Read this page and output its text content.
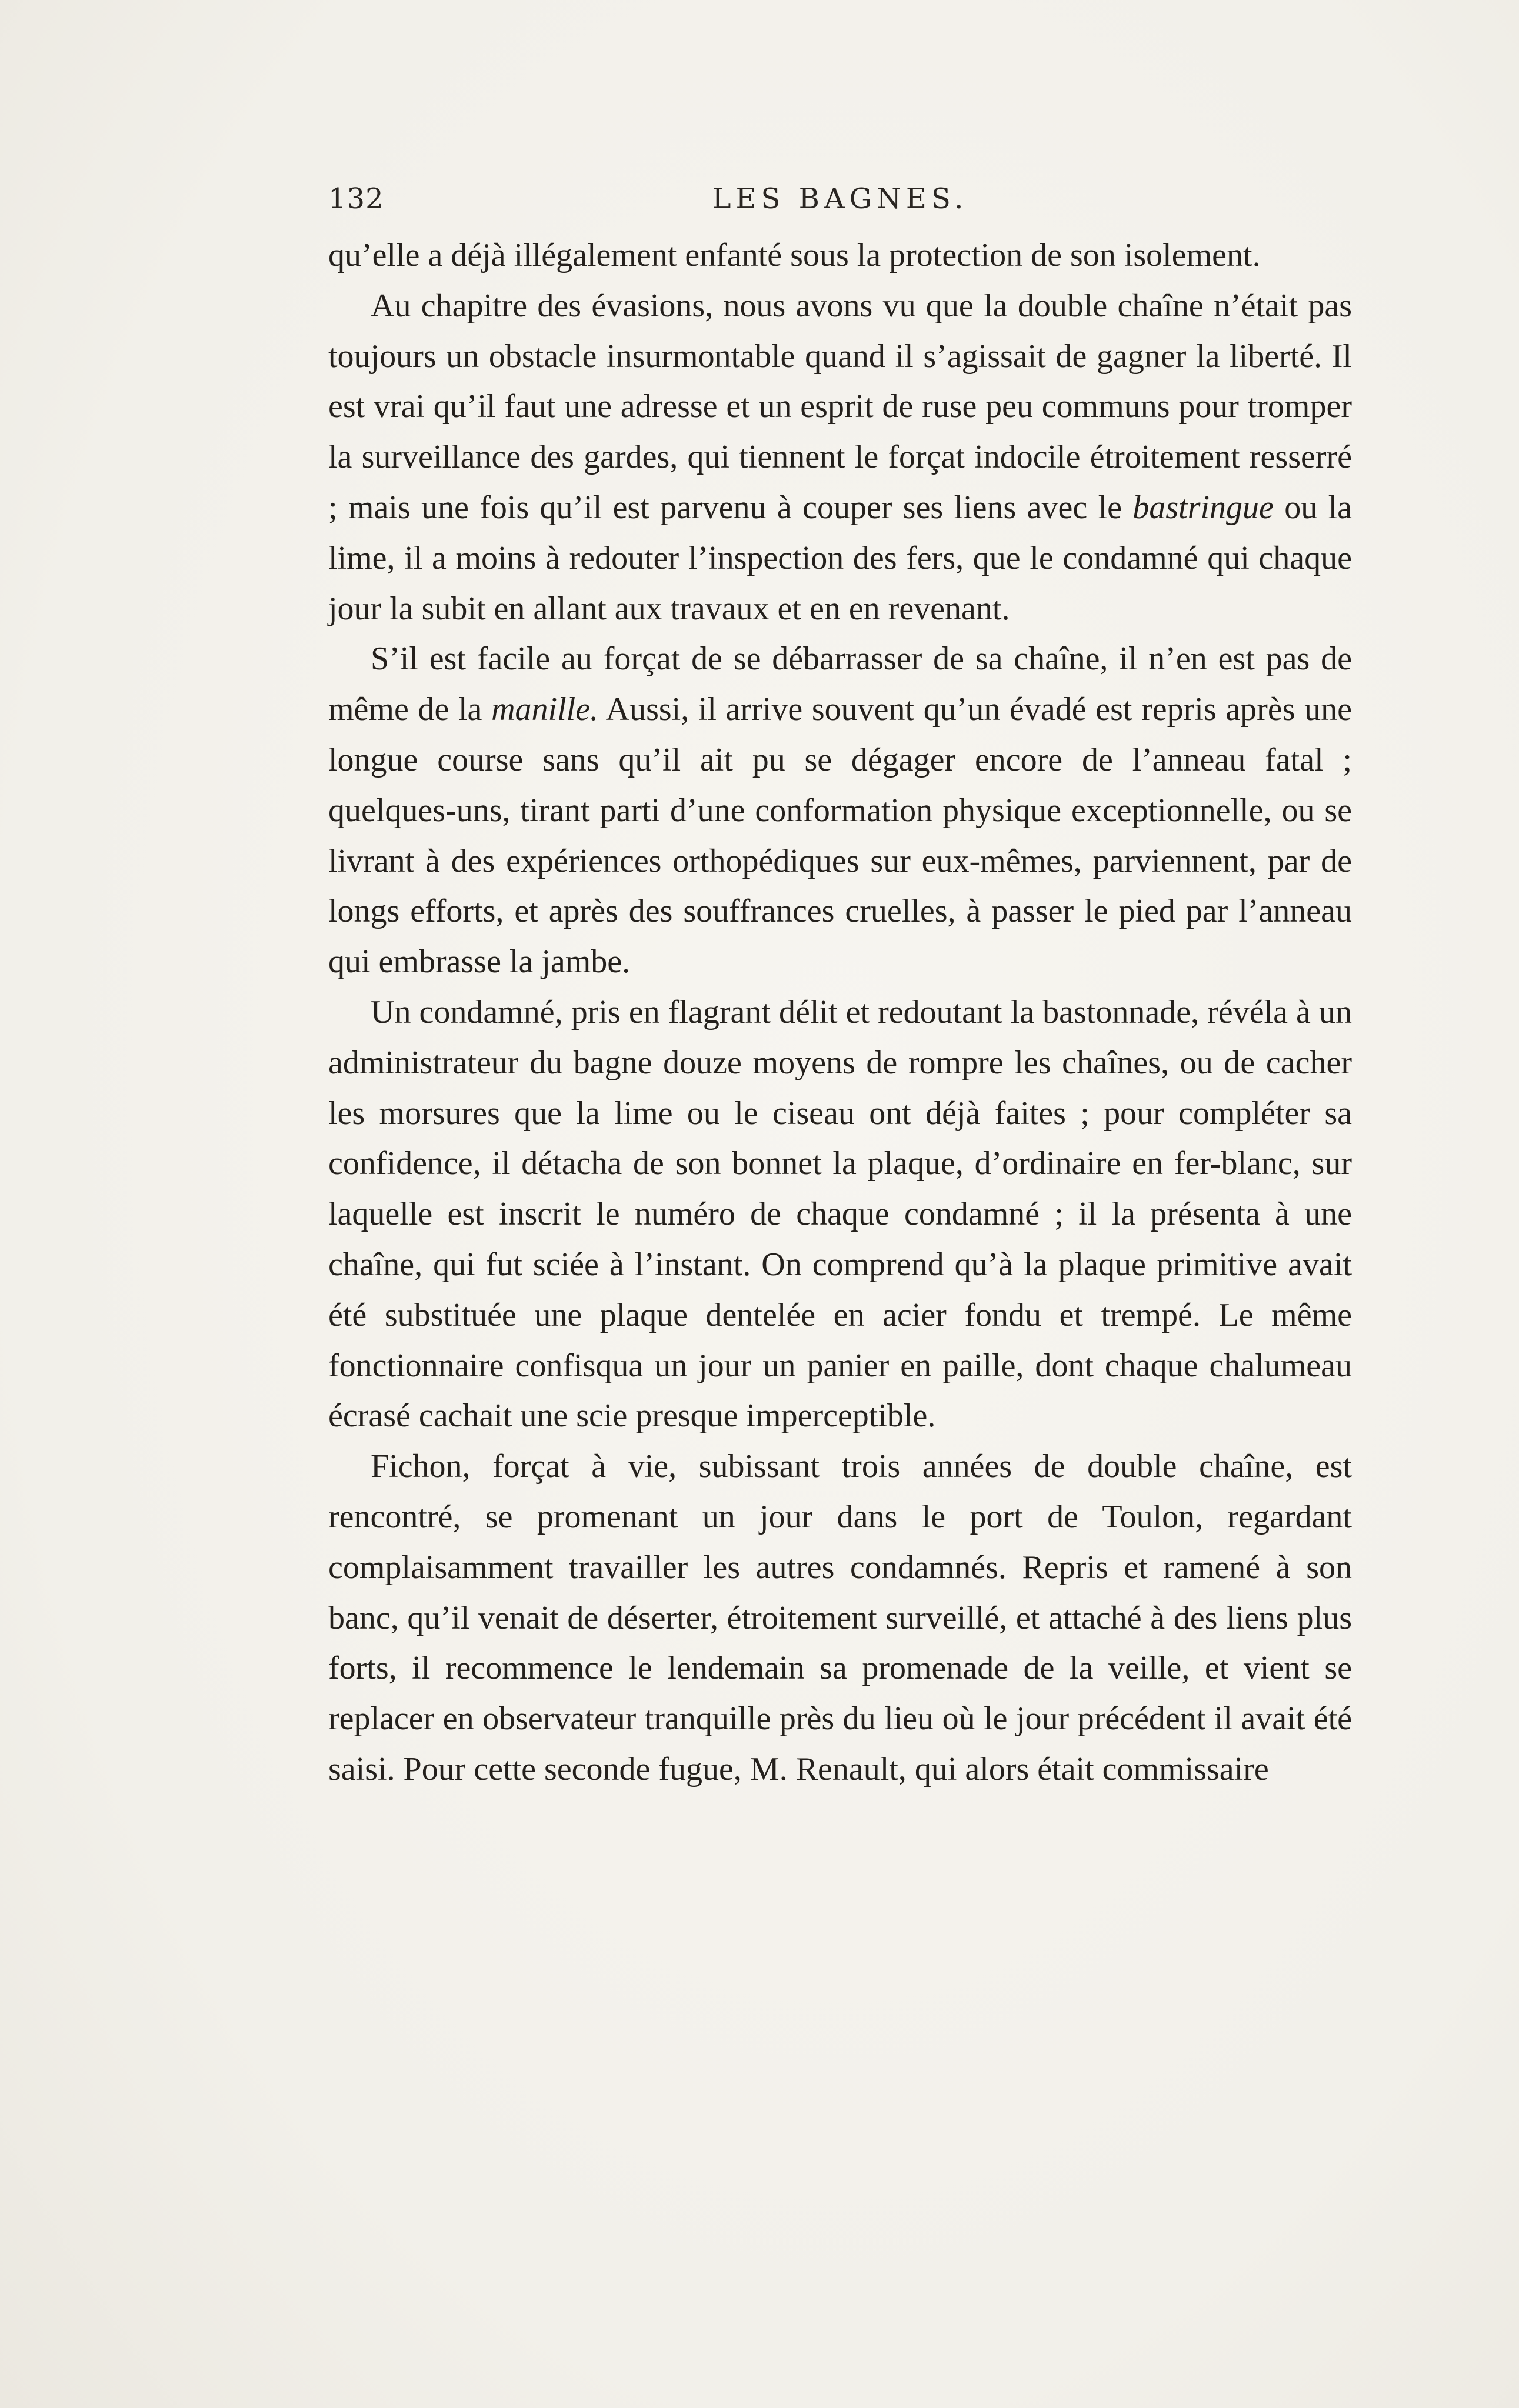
132	LES BAGNES.

qu’elle a déjà illégalement enfanté sous la protection de son isolement.

Au chapitre des évasions, nous avons vu que la double chaîne n’était pas toujours un obstacle insurmontable quand il s’agissait de gagner la liberté. Il est vrai qu’il faut une adresse et un esprit de ruse peu communs pour tromper la surveillance des gardes, qui tiennent le forçat indocile étroitement resserré ; mais une fois qu’il est parvenu à couper ses liens avec le bastringue ou la lime, il a moins à redouter l’inspection des fers, que le condamné qui chaque jour la subit en allant aux travaux et en en revenant.

S’il est facile au forçat de se débarrasser de sa chaîne, il n’en est pas de même de la manille. Aussi, il arrive souvent qu’un évadé est repris après une longue course sans qu’il ait pu se dégager encore de l’anneau fatal ; quelques-uns, tirant parti d’une conformation physique exceptionnelle, ou se livrant à des expériences orthopédiques sur eux-mêmes, parviennent, par de longs efforts, et après des souffrances cruelles, à passer le pied par l’anneau qui embrasse la jambe.

Un condamné, pris en flagrant délit et redoutant la bastonnade, révéla à un administrateur du bagne douze moyens de rompre les chaînes, ou de cacher les morsures que la lime ou le ciseau ont déjà faites ; pour compléter sa confidence, il détacha de son bonnet la plaque, d’ordinaire en fer-blanc, sur laquelle est inscrit le numéro de chaque condamné ; il la présenta à une chaîne, qui fut sciée à l’instant. On comprend qu’à la plaque primitive avait été substituée une plaque dentelée en acier fondu et trempé. Le même fonctionnaire confisqua un jour un panier en paille, dont chaque chalumeau écrasé cachait une scie presque imperceptible.

Fichon, forçat à vie, subissant trois années de double chaîne, est rencontré, se promenant un jour dans le port de Toulon, regardant complaisamment travailler les autres condamnés. Repris et ramené à son banc, qu’il venait de déserter, étroitement surveillé, et attaché à des liens plus forts, il recommence le lendemain sa promenade de la veille, et vient se replacer en observateur tranquille près du lieu où le jour précédent il avait été saisi. Pour cette seconde fugue, M. Renault, qui alors était commissaire
